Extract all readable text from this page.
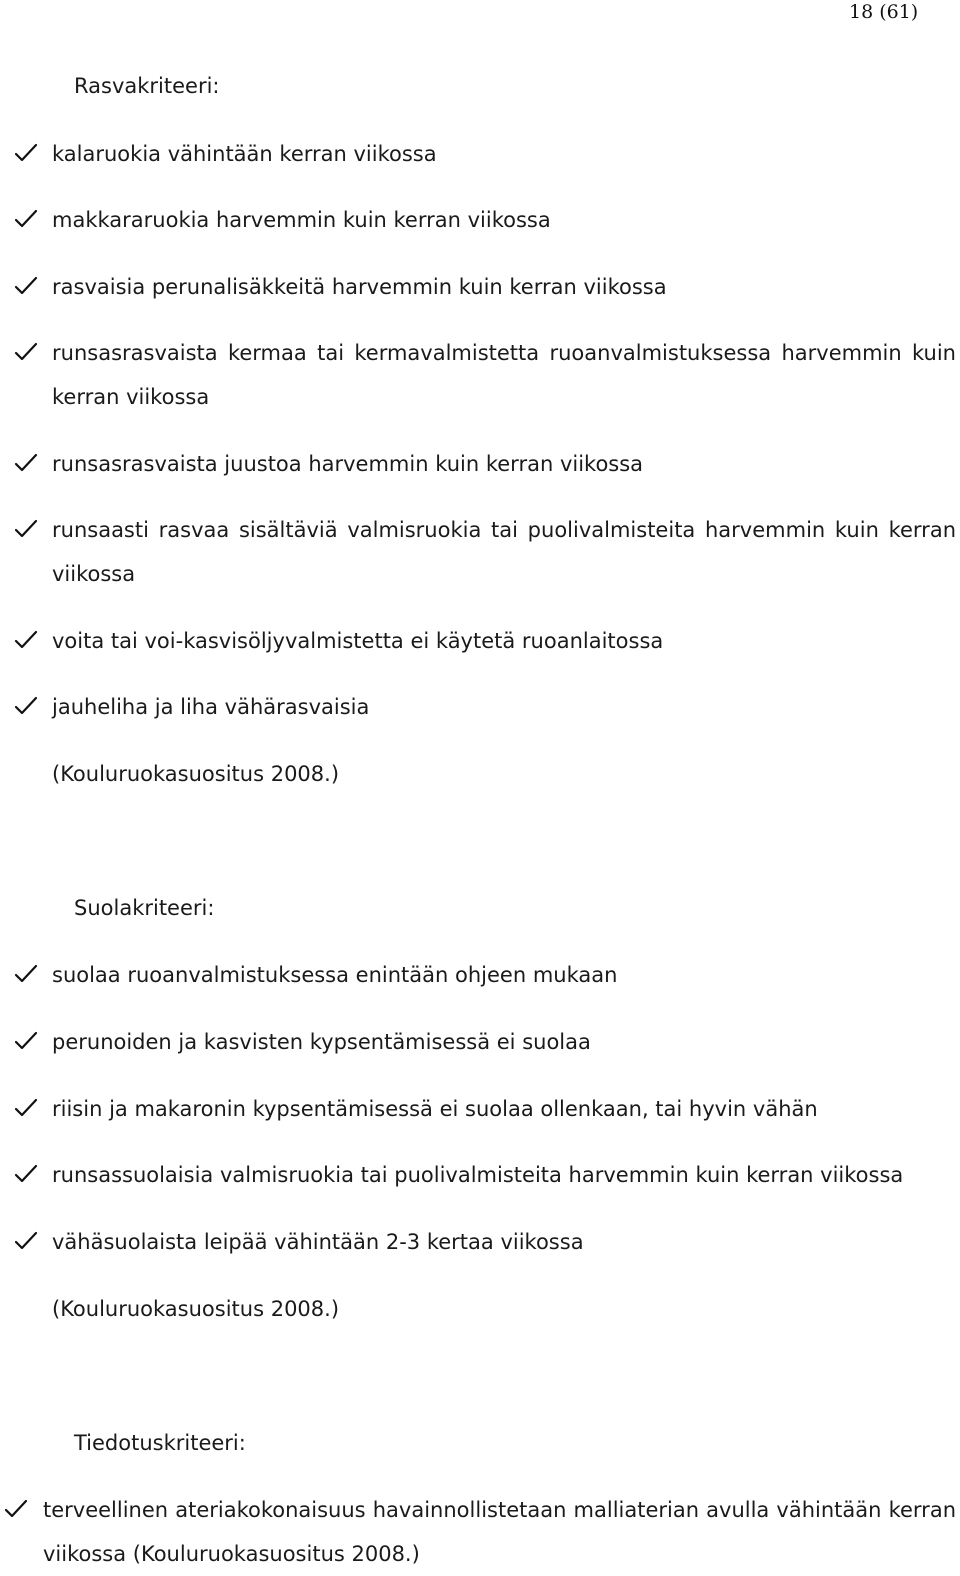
18 (61)
Rasvakriteeri:
kalaruokia vähintään kerran viikossa
makkararuokia harvemmin kuin kerran viikossa
rasvaisia perunalisäkkeitä harvemmin kuin kerran viikossa
runsasrasvaista kermaa tai kermavalmistetta ruoanvalmistuksessa harvemmin kuin kerran viikossa
runsasrasvaista juustoa harvemmin kuin kerran viikossa
runsaasti rasvaa sisältäviä valmisruokia tai puolivalmisteita harvemmin kuin kerran viikossa
voita tai voi-kasvisöljyvalmistetta ei käytetä ruoanlaitossa
jauheliha ja liha vähärasvaisia
(Kouluruokasuositus 2008.)
Suolakriteeri:
suolaa ruoanvalmistuksessa enintään ohjeen mukaan
perunoiden ja kasvisten kypsentämisessä ei suolaa
riisin ja makaronin kypsentämisessä ei suolaa ollenkaan, tai hyvin vähän
runsassuolaisia valmisruokia tai puolivalmisteita harvemmin kuin kerran viikossa
vähäsuolaista leipää vähintään 2-3 kertaa viikossa
(Kouluruokasuositus 2008.)
Tiedotuskriteeri:
terveellinen ateriakokonaisuus havainnollistetaan malliaterian avulla vähintään kerran viikossa (Kouluruokasuositus 2008.)
